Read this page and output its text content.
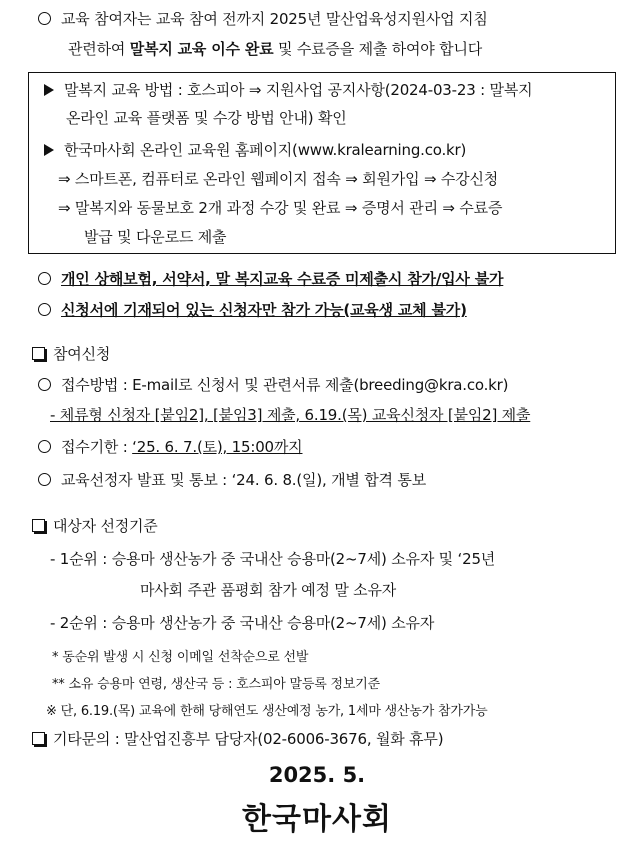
교육 참여자는 교육 참여 전까지 2025년 말산업육성지원사업 지침
관련하여 말복지 교육 이수 완료 및 수료증을 제출 하여야 합니다
말복지 교육 방법 : 호스피아 ⇒ 지원사업 공지사항(2024-03-23 : 말복지
온라인 교육 플랫폼 및 수강 방법 안내) 확인
한국마사회 온라인 교육원 홈페이지(www.kralearning.co.kr)
⇒ 스마트폰, 컴퓨터로 온라인 웹페이지 접속 ⇒ 회원가입 ⇒ 수강신청
⇒ 말복지와 동물보호 2개 과정 수강 및 완료 ⇒ 증명서 관리 ⇒ 수료증
발급 및 다운로드 제출
개인 상해보험, 서약서, 말 복지교육 수료증 미제출시 참가/입사 불가
신청서에 기재되어 있는 신청자만 참가 가능(교육생 교체 불가)
참여신청
접수방법 : E-mail로 신청서 및 관련서류 제출(breeding@kra.co.kr)
- 체류형 신청자 [붙임2], [붙임3] 제출, 6.19.(목) 교육신청자 [붙임2] 제출
접수기한 : ‘25. 6. 7.(토), 15:00까지
교육선정자 발표 및 통보 : ‘24. 6. 8.(일), 개별 합격 통보
대상자 선정기준
- 1순위 : 승용마 생산농가 중 국내산 승용마(2~7세) 소유자 및 ‘25년
마사회 주관 품평회 참가 예정 말 소유자
- 2순위 : 승용마 생산농가 중 국내산 승용마(2~7세) 소유자
* 동순위 발생 시 신청 이메일 선착순으로 선발
** 소유 승용마 연령, 생산국 등 : 호스피아 말등록 정보기준
※ 단, 6.19.(목) 교육에 한해 당해연도 생산예정 농가, 1세마 생산농가 참가가능
기타문의 : 말산업진흥부 담당자(02-6006-3676, 월화 휴무)
2025. 5.
한국마사회
